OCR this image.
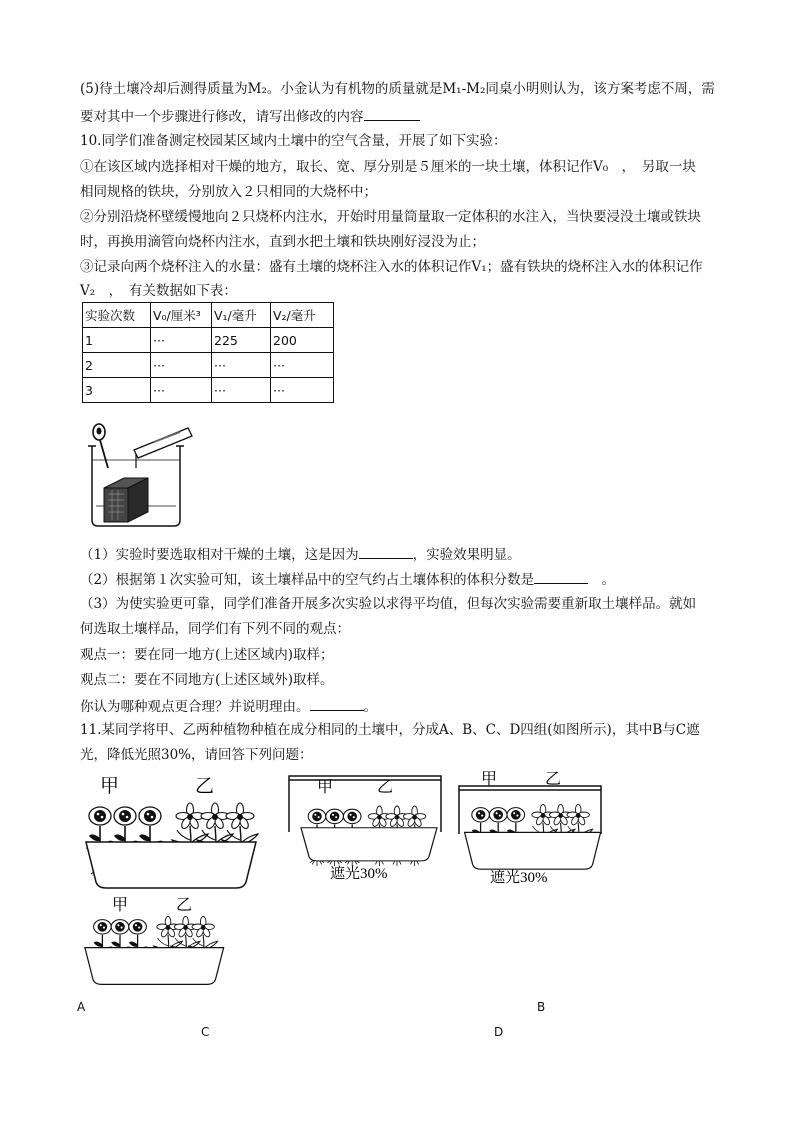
(5)待土壤冷却后测得质量为M₂。小金认为有机物的质量就是M₁-M₂同桌小明则认为，该方案考虑不周，需
要对其中一个步骤进行修改，请写出修改的内容
10.同学们准备测定校园某区域内土壤中的空气含量，开展了如下实验：
①在该区域内选择相对干燥的地方，取长、宽、厚分别是５厘米的一块土壤，体积记作V₀　，　另取一块
相同规格的铁块，分别放入２只相同的大烧杯中；
②分别沿烧杯壁缓慢地向２只烧杯内注水，开始时用量筒量取一定体积的水注入，当快要浸没土壤或铁块
时，再换用滴管向烧杯内注水，直到水把土壤和铁块刚好浸没为止；
③记录向两个烧杯注入的水量：盛有土壤的烧杯注入水的体积记作V₁；盛有铁块的烧杯注入水的体积记作
V₂　，　有关数据如下表：
实验次数	V₀/厘米³	V₁/毫升	V₂/毫升
1	···	225	200
2	···	···	···
3	···	···	···
（1）实验时要选取相对干燥的土壤，这是因为	，实验效果明显。
（2）根据第１次实验可知，该土壤样品中的空气约占土壤体积的体积分数是	　。
（3）为使实验更可靠，同学们准备开展多次实验以求得平均值，但每次实验需要重新取土壤样品。就如
何选取土壤样品，同学们有下列不同的观点：
观点一：要在同一地方(上述区域内)取样；
观点二：要在不同地方(上述区域外)取样。
你认为哪种观点更合理？并说明理由。	。
11.某同学将甲、乙两种植物种植在成分相同的土壤中，分成A、B、C、D四组(如图所示)，其中B与C遮
光，降低光照30%，请回答下列问题：
甲	乙	甲	乙
遮光30%
甲	乙
遮光30%
甲	乙
A	B
C	D
